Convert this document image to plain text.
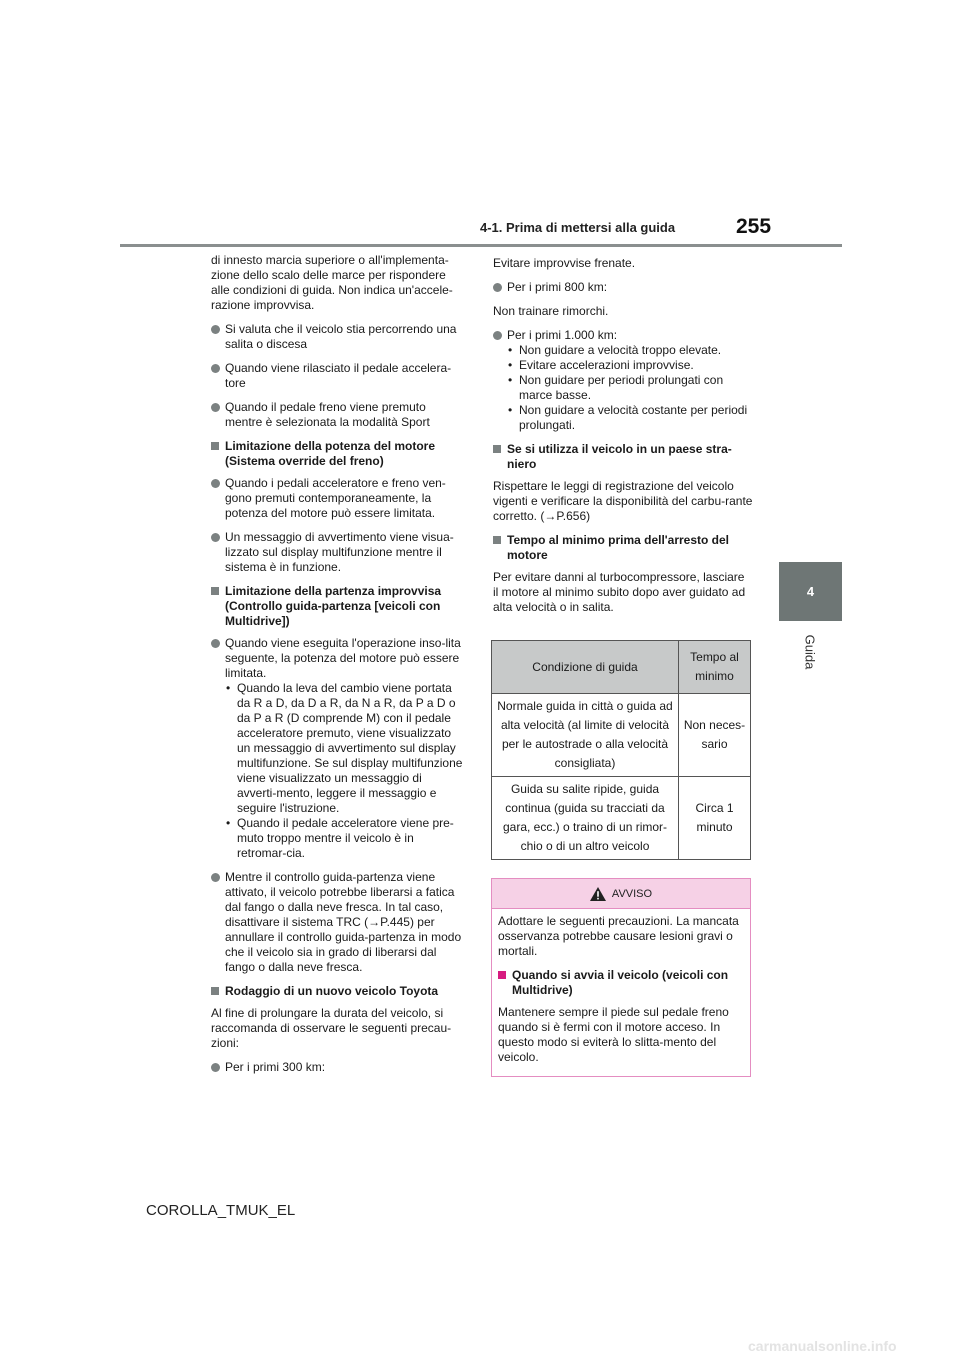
4-1. Prima di mettersi alla guida	255
4
Guida

di innesto marcia superiore o all'implementa-zione dello scalo delle marce per rispondere alle condizioni di guida. Non indica un'accele-razione improvvisa.

Si valuta che il veicolo stia percorrendo una salita o discesa
Quando viene rilasciato il pedale accelera-tore
Quando il pedale freno viene premuto mentre è selezionata la modalità Sport
Limitazione della potenza del motore (Sistema override del freno)
Quando i pedali acceleratore e freno ven-gono premuti contemporaneamente, la potenza del motore può essere limitata.
Un messaggio di avvertimento viene visua-lizzato sul display multifunzione mentre il sistema è in funzione.
Limitazione della partenza improvvisa (Controllo guida-partenza [veicoli con Multidrive])
Quando viene eseguita l'operazione inso-lita seguente, la potenza del motore può essere limitata.
• Quando la leva del cambio viene portata da R a D, da D a R, da N a R, da P a D o da P a R (D comprende M) con il pedale acceleratore premuto, viene visualizzato un messaggio di avvertimento sul display multifunzione. Se sul display multifunzione viene visualizzato un messaggio di avverti-mento, leggere il messaggio e seguire l'istruzione.
• Quando il pedale acceleratore viene pre-muto troppo mentre il veicolo è in retromar-cia.
Mentre il controllo guida-partenza viene attivato, il veicolo potrebbe liberarsi a fatica dal fango o dalla neve fresca. In tal caso, disattivare il sistema TRC (→P.445) per annullare il controllo guida-partenza in modo che il veicolo sia in grado di liberarsi dal fango o dalla neve fresca.
Rodaggio di un nuovo veicolo Toyota

Al fine di prolungare la durata del veicolo, si raccomanda di osservare le seguenti precau-zioni:

Per i primi 300 km:

Evitare improvvise frenate.

Per i primi 800 km:

Non trainare rimorchi.

Per i primi 1.000 km:
• Non guidare a velocità troppo elevate.
• Evitare accelerazioni improvvise.
• Non guidare per periodi prolungati con marce basse.
• Non guidare a velocità costante per periodi prolungati.
Se si utilizza il veicolo in un paese stra-niero

Rispettare le leggi di registrazione del veicolo vigenti e verificare la disponibilità del carbu-rante corretto. (→P.656)

Tempo al minimo prima dell'arresto del motore

Per evitare danni al turbocompressore, lasciare il motore al minimo subito dopo aver guidato ad alta velocità o in salita.

Condizione di guida	Tempo al minimo
Normale guida in città o guida ad alta velocità (al limite di velocità per le autostrade o alla velocità consigliata)	Non neces-sario
Guida su salite ripide, guida continua (guida su tracciati da gara, ecc.) o traino di un rimor-chio o di un altro veicolo	Circa 1 minuto
AVVISO

Adottare le seguenti precauzioni. La mancata osservanza potrebbe causare lesioni gravi o mortali.

Quando si avvia il veicolo (veicoli con Multidrive)

Mantenere sempre il piede sul pedale freno quando si è fermi con il motore acceso. In questo modo si eviterà lo slitta-mento del veicolo.

COROLLA_TMUK_EL
carmanualsonline.info
